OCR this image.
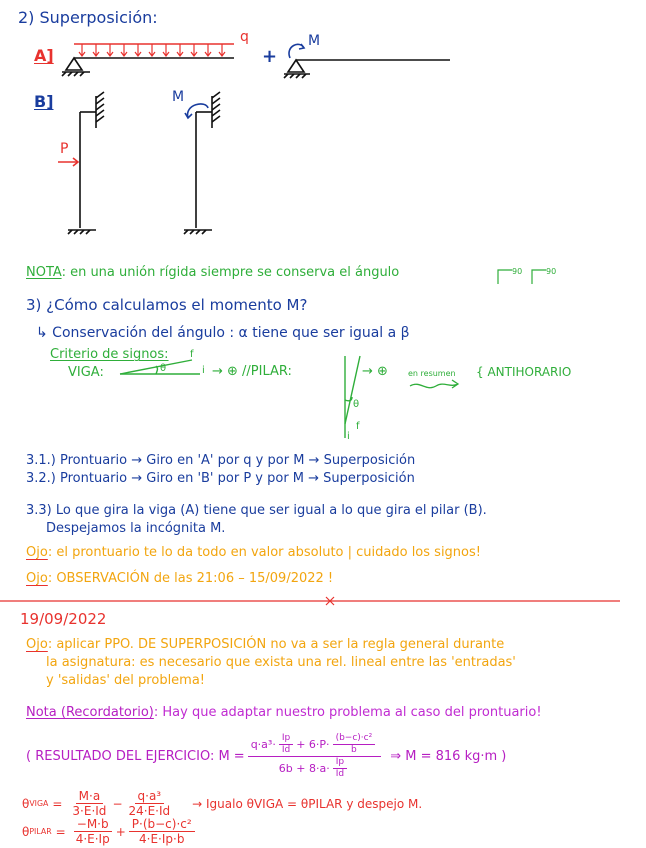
2) Superposición:
A]
q
+
M
B]
P
M
NOTA: en una unión rígida siempre se conserva el ángulo	90	90
3) ¿Cómo calculamos el momento M?
↳ Conservación del ángulo : α tiene que ser igual a β
Criterio de signos:
VIGA:	θ	i
f
→ ⊕ //PILAR:	→ ⊕
θ
f
i
en resumen { ANTIHORARIO
3.1.) Prontuario → Giro en 'A' por q y por M → Superposición
3.2.) Prontuario → Giro en 'B' por P y por M → Superposición
3.3) Lo que gira la viga (A) tiene que ser igual a lo que gira el pilar (B).
Despejamos la incógnita M.
Ojo: el prontuario te lo da todo en valor absoluto | cuidado los signos!
Ojo: OBSERVACIÓN de las 21:06 – 15/09/2022 !
19/09/2022
Ojo: aplicar PPO. DE SUPERPOSICIÓN no va a ser la regla general durante
la asignatura: es necesario que exista una rel. lineal entre las 'entradas'
y 'salidas' del problema!
Nota (Recordatorio): Hay que adaptar nuestro problema al caso del prontuario!
( RESULTADO DEL EJERCICIO: $M = \frac{q\cdot a^3\cdot \frac{Ip}{Id} + 6\cdot P\cdot \frac{\text{(b−c)·c²}}{b}}{6b + 8\cdot a\cdot \frac{Ip}{Id}}$ ⇒ M = 816 kg·m )
θ VIGA = $\frac{M\cdot a}{3\cdot E\cdot Id} - \frac{\text{q·a³}}{24\cdot E\cdot Id}$ → Igualo θVIGA = θPILAR y despejo M.
θ PILAR = $\frac{-M\cdot b}{4\cdot E\cdot Ip} + \frac{\text{P·(b−c)·c²}}{4\cdot E\cdot Ip\cdot b}$
